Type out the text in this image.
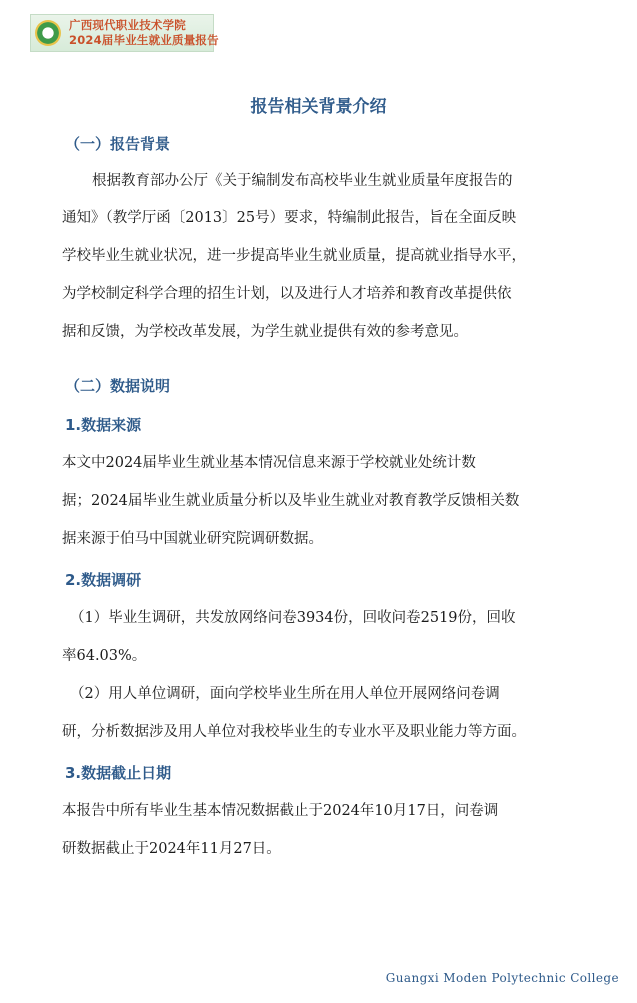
广西现代职业技术学院
2024届毕业生就业质量报告
报告相关背景介绍
（一）报告背景
根据教育部办公厅《关于编制发布高校毕业生就业质量年度报告的
通知》（教学厅函〔2013〕25号）要求，特编制此报告，旨在全面反映
学校毕业生就业状况，进一步提高毕业生就业质量，提高就业指导水平，
为学校制定科学合理的招生计划，以及进行人才培养和教育改革提供依
据和反馈，为学校改革发展，为学生就业提供有效的参考意见。
（二）数据说明
1.数据来源
本文中2024届毕业生就业基本情况信息来源于学校就业处统计数
据；2024届毕业生就业质量分析以及毕业生就业对教育教学反馈相关数
据来源于伯马中国就业研究院调研数据。
2.数据调研
（1）毕业生调研，共发放网络问卷3934份，回收问卷2519份，回收
率64.03%。
（2）用人单位调研，面向学校毕业生所在用人单位开展网络问卷调
研，分析数据涉及用人单位对我校毕业生的专业水平及职业能力等方面。
3.数据截止日期
本报告中所有毕业生基本情况数据截止于2024年10月17日，问卷调
研数据截止于2024年11月27日。
Guangxi Moden Polytechnic College
